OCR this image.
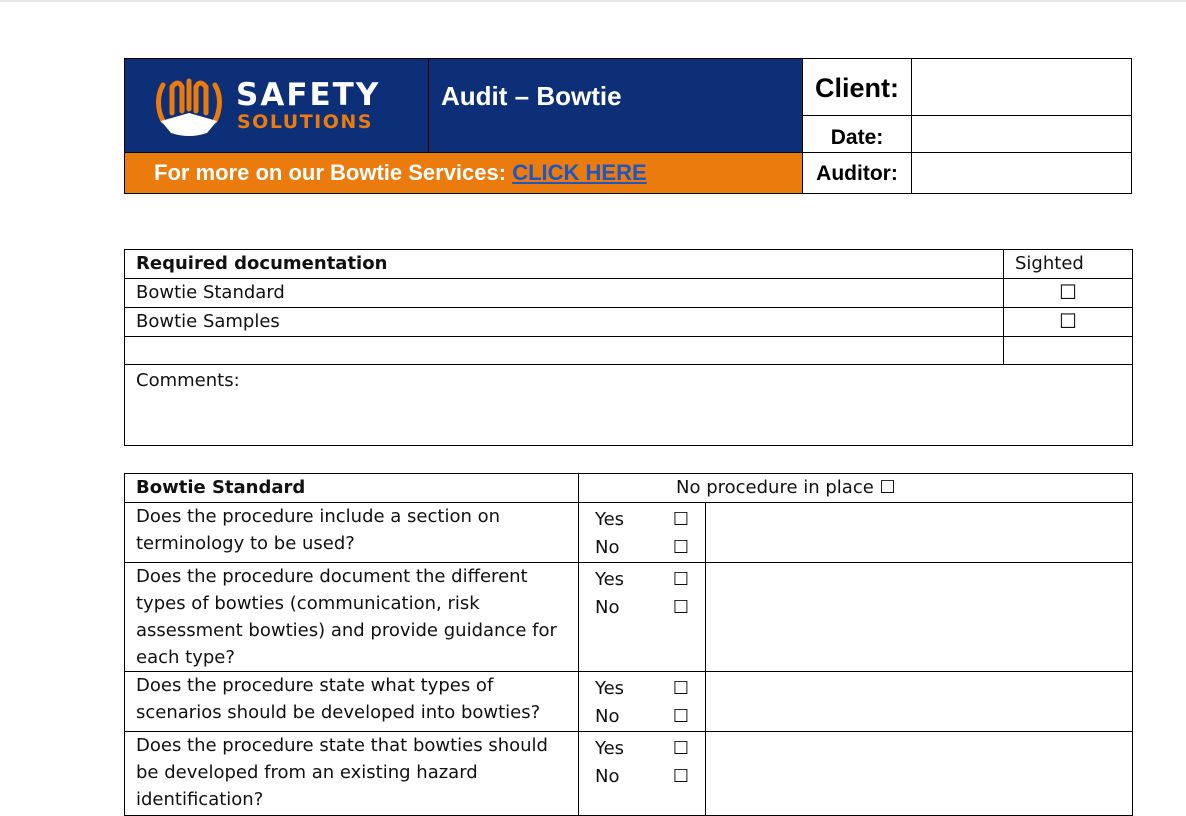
SAFETY
SOLUTIONS
Audit – Bowtie
For more on our Bowtie Services: CLICK HERE
Client:
Date:
Auditor:
Required documentation	Sighted
Bowtie Standard	☐
Bowtie Samples	☐

Comments:	
Bowtie Standard	No procedure in place ☐	
Does the procedure include a section on terminology to be used?	Yes ☐
No ☐	

Does the procedure document the different types of bowties (communication, risk assessment bowties) and provide guidance for each type?	Yes ☐
No ☐	

Does the procedure state what types of scenarios should be developed into bowties?	Yes ☐
No ☐	

Does the procedure state that bowties should be developed from an existing hazard identification?	Yes ☐
No ☐	
